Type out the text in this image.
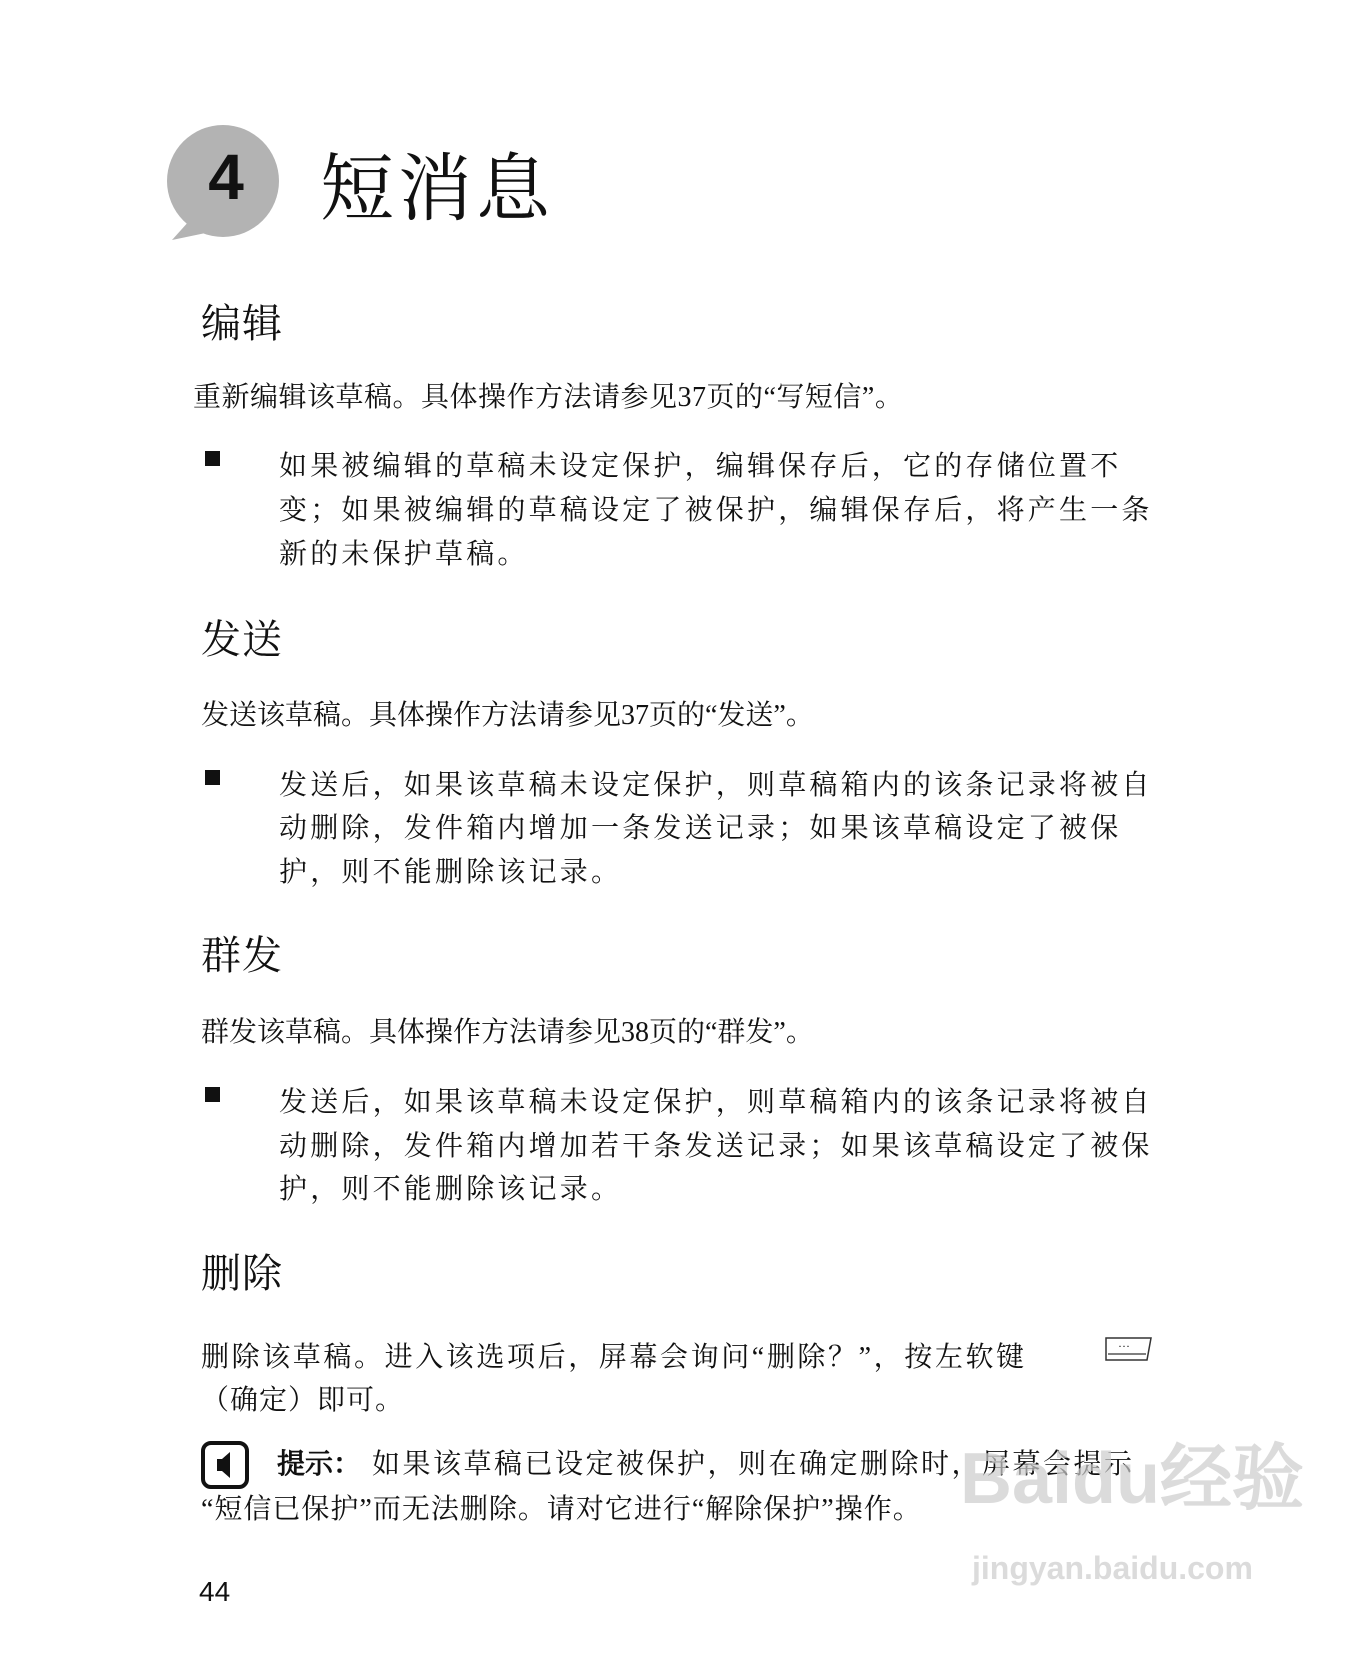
4 短消息
编辑
重新编辑该草稿。具体操作方法请参见37页的“写短信”。
如果被编辑的草稿未设定保护，编辑保存后，它的存储位置不
变；如果被编辑的草稿设定了被保护，编辑保存后，将产生一条
新的未保护草稿。
发送
发送该草稿。具体操作方法请参见37页的“发送”。
发送后，如果该草稿未设定保护，则草稿箱内的该条记录将被自
动删除，发件箱内增加一条发送记录；如果该草稿设定了被保
护，则不能删除该记录。
群发
群发该草稿。具体操作方法请参见38页的“群发”。
发送后，如果该草稿未设定保护，则草稿箱内的该条记录将被自
动删除，发件箱内增加若干条发送记录；如果该草稿设定了被保
护，则不能删除该记录。
删除
删除该草稿。进入该选项后，屏幕会询问“删除？”，按左软键	···
（确定）即可。
提示： 如果该草稿已设定被保护，则在确定删除时，屏幕会提示
“短信已保护”而无法删除。请对它进行“解除保护”操作。
44
Baidu经验
jingyan.baidu.com
